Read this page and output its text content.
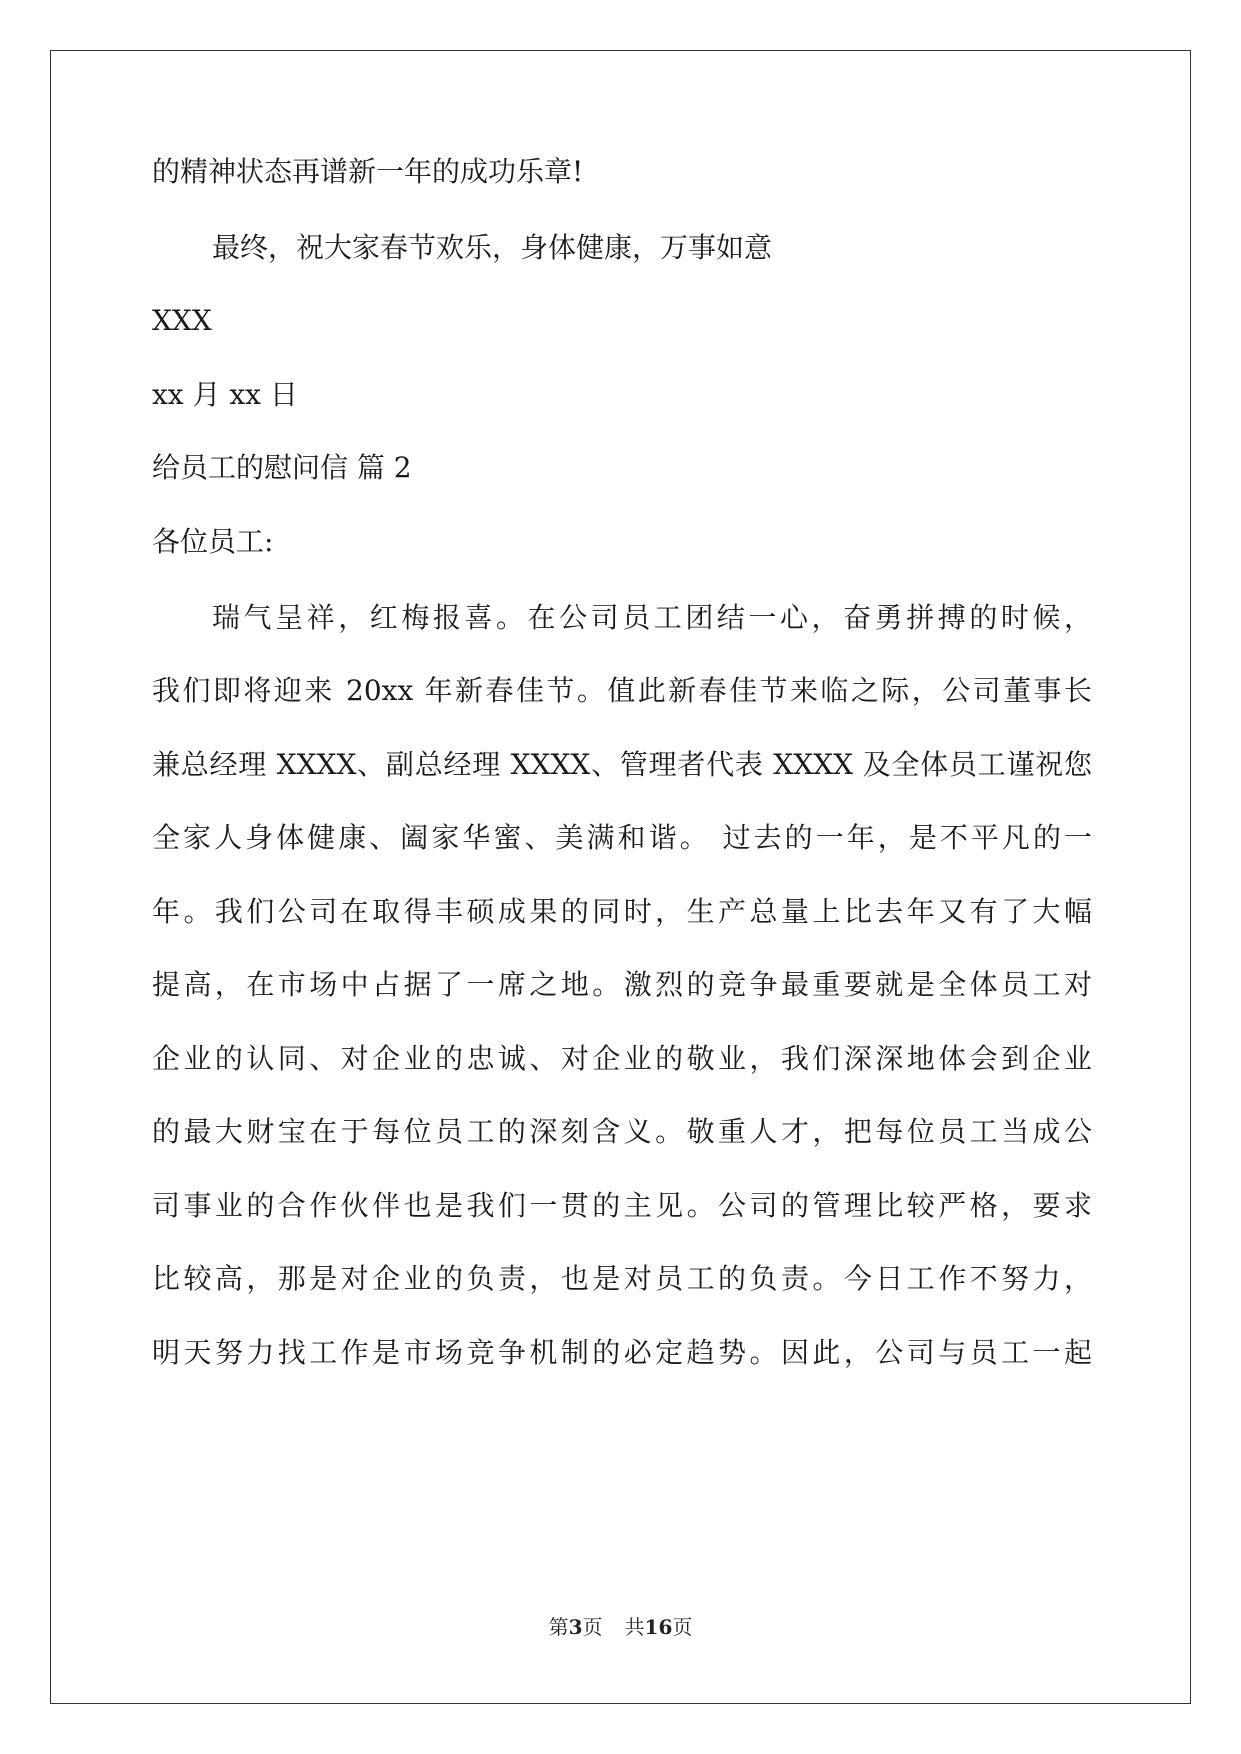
的精神状态再谱新一年的成功乐章!
最终，祝大家春节欢乐，身体健康，万事如意
XXX
xx 月 xx 日
给员工的慰问信 篇 2
各位员工:
瑞气呈祥，红梅报喜。在公司员工团结一心，奋勇拼搏的时候，
我们即将迎来 20xx 年新春佳节。值此新春佳节来临之际，公司董事长
兼总经理 XXXX、副总经理 XXXX、管理者代表 XXXX 及全体员工谨祝您
全家人身体健康、阖家华蜜、美满和谐。 过去的一年，是不平凡的一
年。我们公司在取得丰硕成果的同时，生产总量上比去年又有了大幅
提高，在市场中占据了一席之地。激烈的竞争最重要就是全体员工对
企业的认同、对企业的忠诚、对企业的敬业，我们深深地体会到企业
的最大财宝在于每位员工的深刻含义。敬重人才，把每位员工当成公
司事业的合作伙伴也是我们一贯的主见。公司的管理比较严格，要求
比较高，那是对企业的负责，也是对员工的负责。今日工作不努力，
明天努力找工作是市场竞争机制的必定趋势。因此，公司与员工一起
第3页 共16页
